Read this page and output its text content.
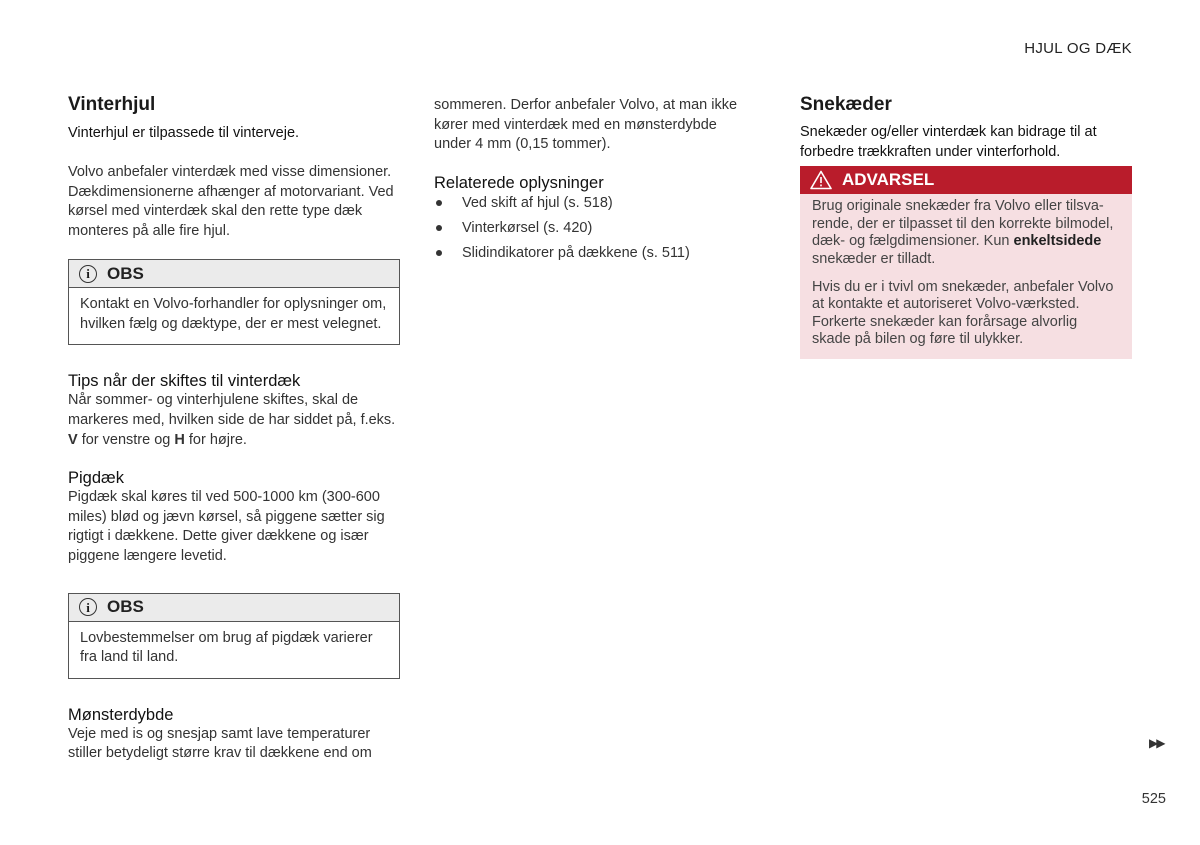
HJUL OG DÆK
Vinterhjul

Vinterhjul er tilpassede til vinterveje.

Volvo anbefaler vinterdæk med visse dimensioner. Dækdimensionerne afhænger af motorvariant. Ved kørsel med vinterdæk skal den rette type dæk monteres på alle fire hjul.

i	OBS
Kontakt en Volvo-forhandler for oplysninger om, hvilken fælg og dæktype, der er mest velegnet.
Tips når der skiftes til vinterdæk

Når sommer- og vinterhjulene skiftes, skal de markeres med, hvilken side de har siddet på, f.eks. V for venstre og H for højre.

Pigdæk

Pigdæk skal køres til ved 500-1000 km (300-600 miles) blød og jævn kørsel, så piggene sætter sig rigtigt i dækkene. Dette giver dækkene og især piggene længere levetid.

i	OBS
Lovbestemmelser om brug af pigdæk varierer fra land til land.
Mønsterdybde

Veje med is og snesjap samt lave temperaturer stiller betydeligt større krav til dækkene end om

sommeren. Derfor anbefaler Volvo, at man ikke kører med vinterdæk med en mønsterdybde under 4 mm (0,15 tommer).

Relaterede oplysninger
Ved skift af hjul (s. 518)
Vinterkørsel (s. 420)
Slidindikatorer på dækkene (s. 511)
Snekæder

Snekæder og/eller vinterdæk kan bidrage til at forbedre trækkraften under vinterforhold.

ADVARSEL

Brug originale snekæder fra Volvo eller tilsvarende, der er tilpasset til den korrekte bilmodel, dæk- og fælgdimensioner. Kun enkeltsidede snekæder er tilladt.

Hvis du er i tvivl om snekæder, anbefaler Volvo at kontakte et autoriseret Volvo-værksted. Forkerte snekæder kan forårsage alvorlig skade på bilen og føre til ulykker.

▶▶
525
